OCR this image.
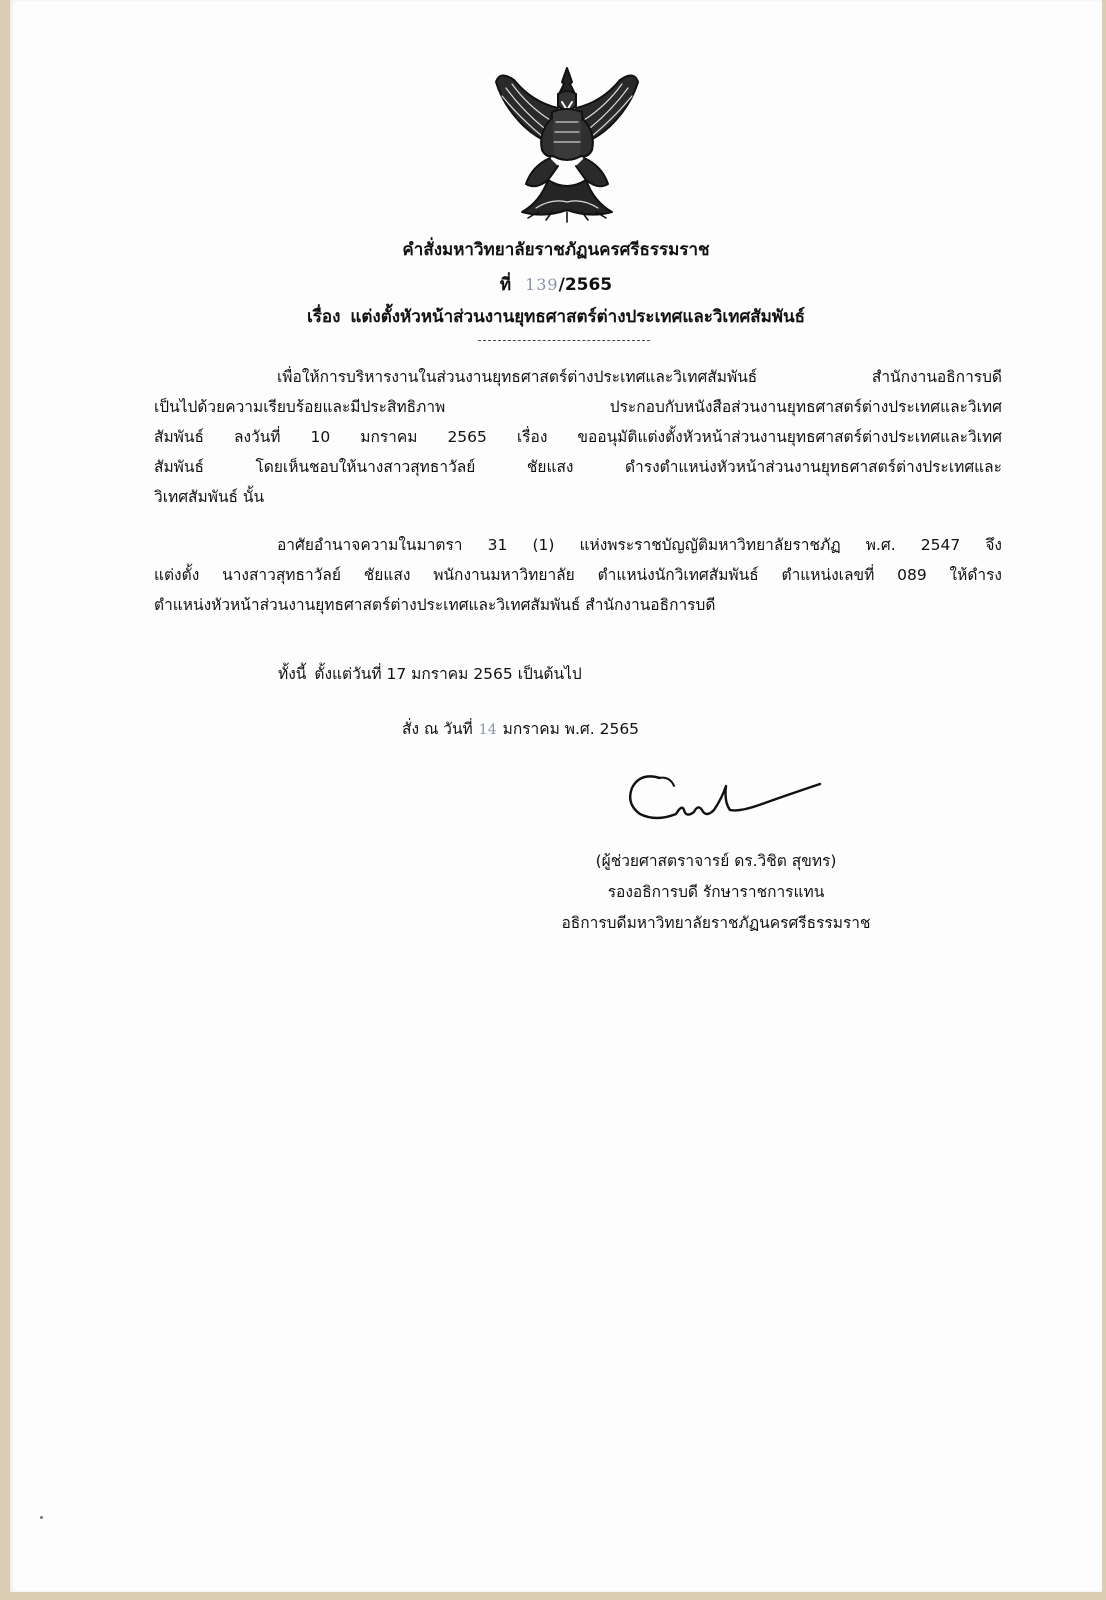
คำสั่งมหาวิทยาลัยราชภัฏนครศรีธรรมราช
ที่ 139/2565
เรื่อง แต่งตั้งหัวหน้าส่วนงานยุทธศาสตร์ต่างประเทศและวิเทศสัมพันธ์
เพื่อให้การบริหารงานในส่วนงานยุทธศาสตร์ต่างประเทศและวิเทศสัมพันธ์ สำนักงานอธิการบดี
เป็นไปด้วยความเรียบร้อยและมีประสิทธิภาพ ประกอบกับหนังสือส่วนงานยุทธศาสตร์ต่างประเทศและวิเทศ
สัมพันธ์ ลงวันที่ 10 มกราคม 2565 เรื่อง ขออนุมัติแต่งตั้งหัวหน้าส่วนงานยุทธศาสตร์ต่างประเทศและวิเทศ
สัมพันธ์ โดยเห็นชอบให้นางสาวสุทธาวัลย์ ชัยแสง ดำรงตำแหน่งหัวหน้าส่วนงานยุทธศาสตร์ต่างประเทศและ
วิเทศสัมพันธ์ นั้น
อาศัยอำนาจความในมาตรา 31 (1) แห่งพระราชบัญญัติมหาวิทยาลัยราชภัฏ พ.ศ. 2547 จึง
แต่งตั้ง นางสาวสุทธาวัลย์ ชัยแสง พนักงานมหาวิทยาลัย ตำแหน่งนักวิเทศสัมพันธ์ ตำแหน่งเลขที่ 089 ให้ดำรง
ตำแหน่งหัวหน้าส่วนงานยุทธศาสตร์ต่างประเทศและวิเทศสัมพันธ์ สำนักงานอธิการบดี
ทั้งนี้ ตั้งแต่วันที่ 17 มกราคม 2565 เป็นต้นไป
สั่ง ณ วันที่ 14 มกราคม พ.ศ. 2565
(ผู้ช่วยศาสตราจารย์ ดร.วิชิต สุขทร)
รองอธิการบดี รักษาราชการแทน
อธิการบดีมหาวิทยาลัยราชภัฏนครศรีธรรมราช
